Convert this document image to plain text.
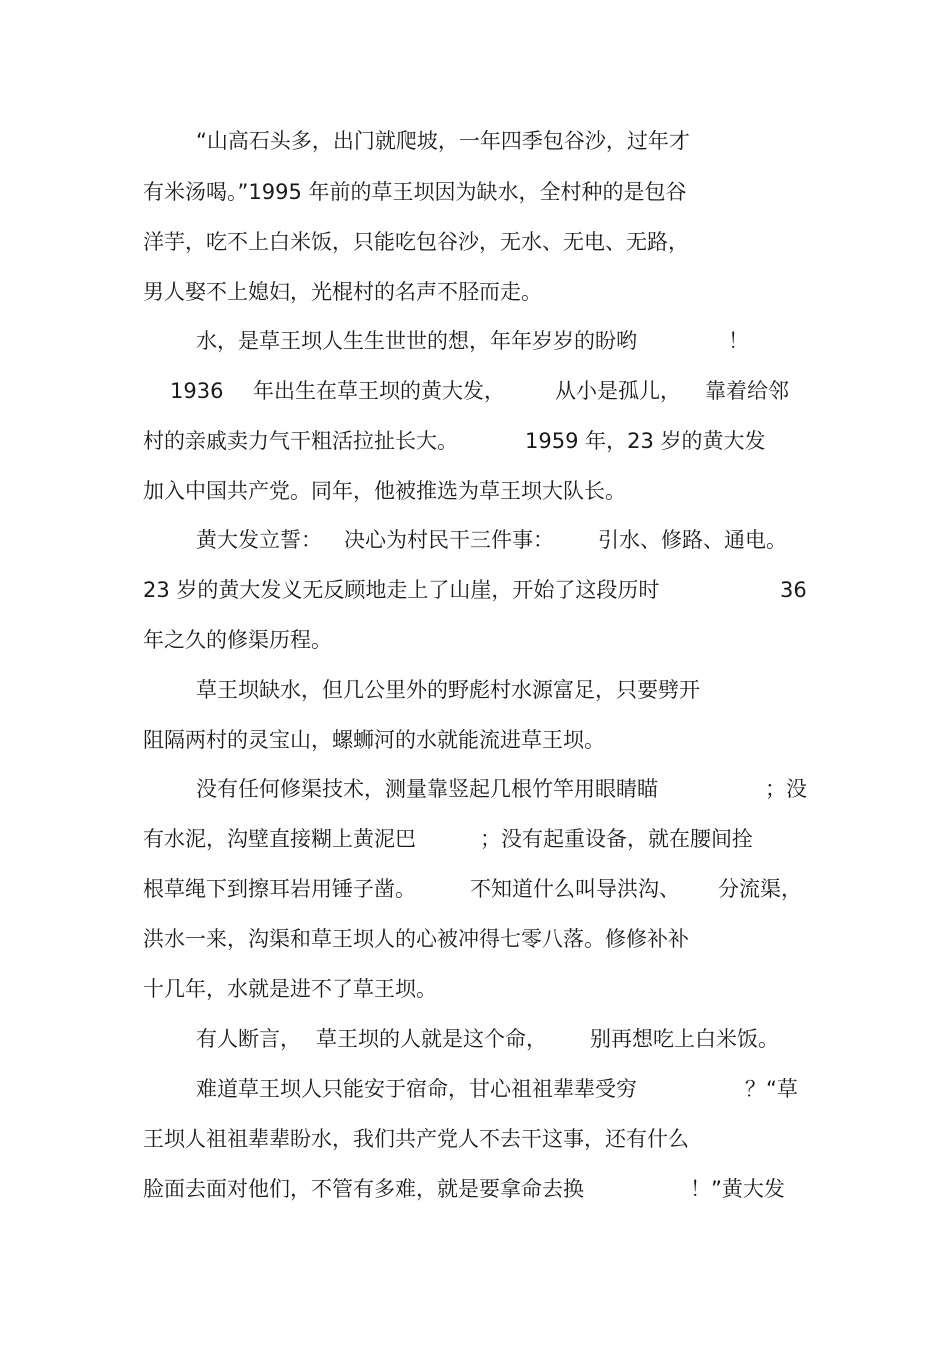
“山高石头多，出门就爬坡，一年四季包谷沙，过年才
有米汤喝。”1995 年前的草王坝因为缺水，全村种的是包谷
洋芋，吃不上白米饭，只能吃包谷沙，无水、无电、无路，
男人娶不上媳妇，光棍村的名声不胫而走。
水，是草王坝人生生世世的想，年年岁岁的盼哟	！
1936 年出生在草王坝的黄大发， 从小是孤儿， 靠着给邻
村的亲戚卖力气干粗活拉扯长大。	1959 年，23 岁的黄大发
加入中国共产党。同年，他被推选为草王坝大队长。
黄大发立誓： 决心为村民干三件事： 引水、修路、通电。
23 岁的黄大发义无反顾地走上了山崖，开始了这段历时	36
年之久的修渠历程。
草王坝缺水，但几公里外的野彪村水源富足，只要劈开
阻隔两村的灵宝山，螺蛳河的水就能流进草王坝。
没有任何修渠技术，测量靠竖起几根竹竿用眼睛瞄	；没
有水泥，沟壁直接糊上黄泥巴	；没有起重设备，就在腰间拴
根草绳下到擦耳岩用锤子凿。	不知道什么叫导洪沟、 分流渠，
洪水一来，沟渠和草王坝人的心被冲得七零八落。修修补补
十几年，水就是进不了草王坝。
有人断言， 草王坝的人就是这个命， 别再想吃上白米饭。
难道草王坝人只能安于宿命，甘心祖祖辈辈受穷	？“草
王坝人祖祖辈辈盼水，我们共产党人不去干这事，还有什么
脸面去面对他们，不管有多难，就是要拿命去换	！”黄大发
